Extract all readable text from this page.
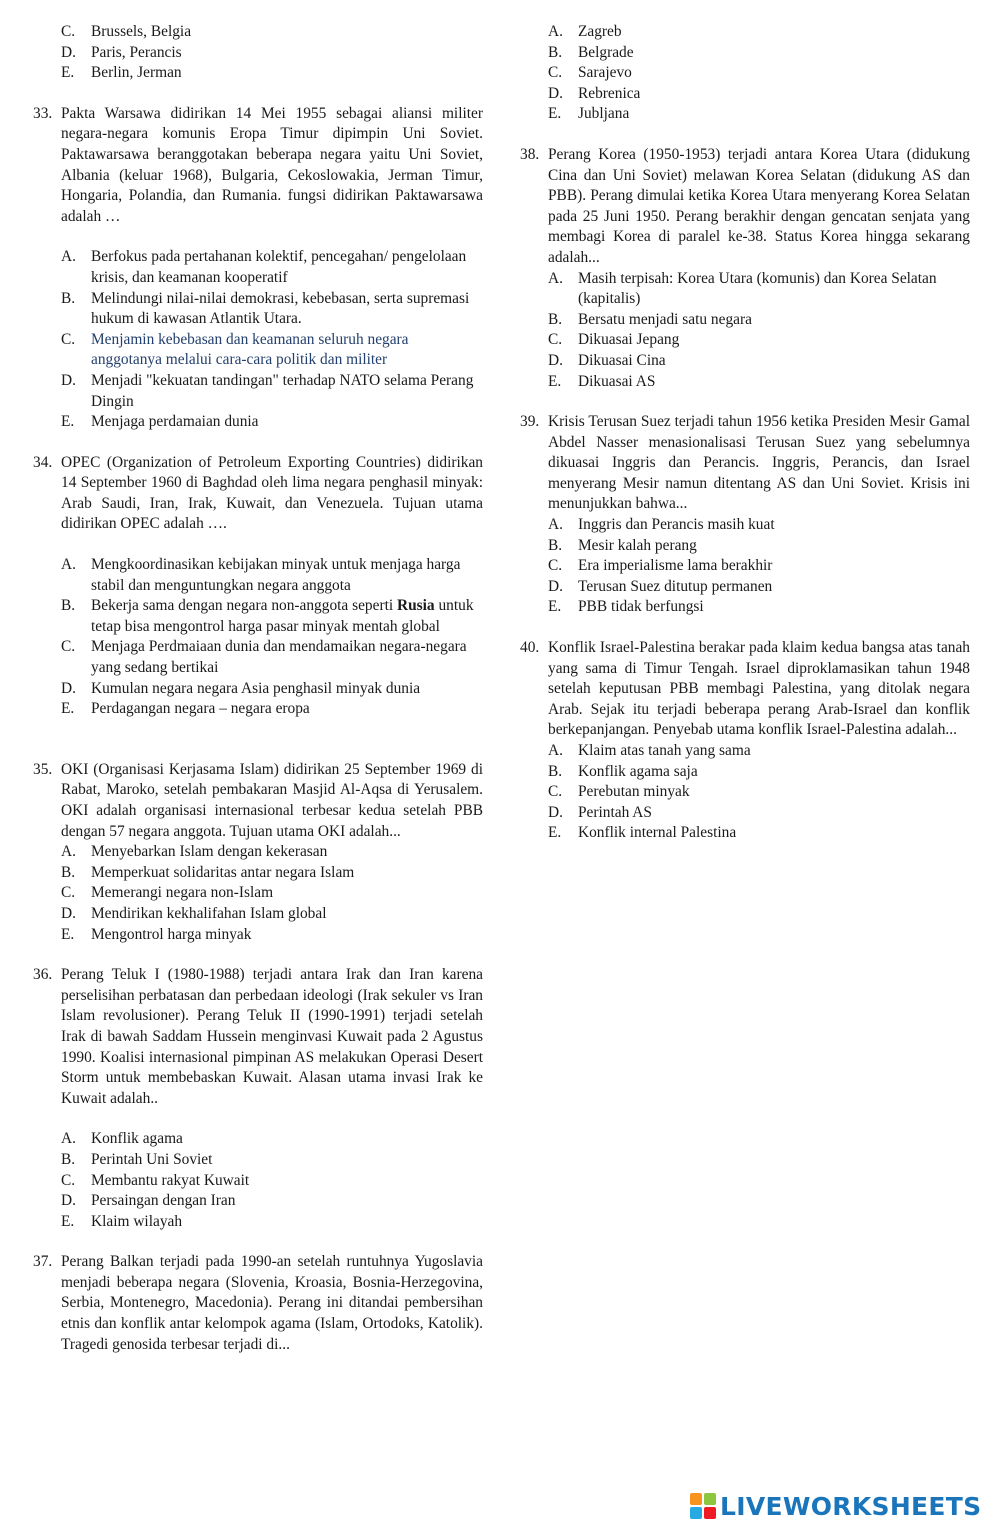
C. Brussels, Belgia
D. Paris, Perancis
E. Berlin, Jerman
33. Pakta Warsawa didirikan 14 Mei 1955 sebagai aliansi militer negara-negara komunis Eropa Timur dipimpin Uni Soviet. Paktawarsawa beranggotakan beberapa negara yaitu Uni Soviet, Albania (keluar 1968), Bulgaria, Cekoslowakia, Jerman Timur, Hongaria, Polandia, dan Rumania. fungsi didirikan Paktawarsawa adalah …
A. Berfokus pada pertahanan kolektif, pencegahan/ pengelolaan krisis, dan keamanan kooperatif
B. Melindungi nilai-nilai demokrasi, kebebasan, serta supremasi hukum di kawasan Atlantik Utara.
C. Menjamin kebebasan dan keamanan seluruh negara anggotanya melalui cara-cara politik dan militer
D. Menjadi "kekuatan tandingan" terhadap NATO selama Perang Dingin
E. Menjaga perdamaian dunia
34. OPEC (Organization of Petroleum Exporting Countries) didirikan 14 September 1960 di Baghdad oleh lima negara penghasil minyak: Arab Saudi, Iran, Irak, Kuwait, dan Venezuela. Tujuan utama didirikan OPEC adalah ….
A. Mengkoordinasikan kebijakan minyak untuk menjaga harga stabil dan menguntungkan negara anggota
B. Bekerja sama dengan negara non-anggota seperti Rusia untuk tetap bisa mengontrol harga pasar minyak mentah global
C. Menjaga Perdmaiaan dunia dan mendamaikan negara-negara yang sedang bertikai
D. Kumulan negara negara Asia penghasil minyak dunia
E. Perdagangan negara – negara eropa
35. OKI (Organisasi Kerjasama Islam) didirikan 25 September 1969 di Rabat, Maroko, setelah pembakaran Masjid Al-Aqsa di Yerusalem. OKI adalah organisasi internasional terbesar kedua setelah PBB dengan 57 negara anggota. Tujuan utama OKI adalah...
A. Menyebarkan Islam dengan kekerasan
B. Memperkuat solidaritas antar negara Islam
C. Memerangi negara non-Islam
D. Mendirikan kekhalifahan Islam global
E. Mengontrol harga minyak
36. Perang Teluk I (1980-1988) terjadi antara Irak dan Iran karena perselisihan perbatasan dan perbedaan ideologi (Irak sekuler vs Iran Islam revolusioner). Perang Teluk II (1990-1991) terjadi setelah Irak di bawah Saddam Hussein menginvasi Kuwait pada 2 Agustus 1990. Koalisi internasional pimpinan AS melakukan Operasi Desert Storm untuk membebaskan Kuwait. Alasan utama invasi Irak ke Kuwait adalah..
A. Konflik agama
B. Perintah Uni Soviet
C. Membantu rakyat Kuwait
D. Persaingan dengan Iran
E. Klaim wilayah
37. Perang Balkan terjadi pada 1990-an setelah runtuhnya Yugoslavia menjadi beberapa negara (Slovenia, Kroasia, Bosnia-Herzegovina, Serbia, Montenegro, Macedonia). Perang ini ditandai pembersihan etnis dan konflik antar kelompok agama (Islam, Ortodoks, Katolik). Tragedi genosida terbesar terjadi di...
A. Zagreb
B. Belgrade
C. Sarajevo
D. Rebrenica
E. Jubljana
38. Perang Korea (1950-1953) terjadi antara Korea Utara (didukung Cina dan Uni Soviet) melawan Korea Selatan (didukung AS dan PBB). Perang dimulai ketika Korea Utara menyerang Korea Selatan pada 25 Juni 1950. Perang berakhir dengan gencatan senjata yang membagi Korea di paralel ke-38. Status Korea hingga sekarang adalah...
A. Masih terpisah: Korea Utara (komunis) dan Korea Selatan (kapitalis)
B. Bersatu menjadi satu negara
C. Dikuasai Jepang
D. Dikuasai Cina
E. Dikuasai AS
39. Krisis Terusan Suez terjadi tahun 1956 ketika Presiden Mesir Gamal Abdel Nasser menasionalisasi Terusan Suez yang sebelumnya dikuasai Inggris dan Perancis. Inggris, Perancis, dan Israel menyerang Mesir namun ditentang AS dan Uni Soviet. Krisis ini menunjukkan bahwa...
A. Inggris dan Perancis masih kuat
B. Mesir kalah perang
C. Era imperialisme lama berakhir
D. Terusan Suez ditutup permanen
E. PBB tidak berfungsi
40. Konflik Israel-Palestina berakar pada klaim kedua bangsa atas tanah yang sama di Timur Tengah. Israel diproklamasikan tahun 1948 setelah keputusan PBB membagi Palestina, yang ditolak negara Arab. Sejak itu terjadi beberapa perang Arab-Israel dan konflik berkepanjangan. Penyebab utama konflik Israel-Palestina adalah...
A. Klaim atas tanah yang sama
B. Konflik agama saja
C. Perebutan minyak
D. Perintah AS
E. Konflik internal Palestina
LIVEWORKSHEETS
